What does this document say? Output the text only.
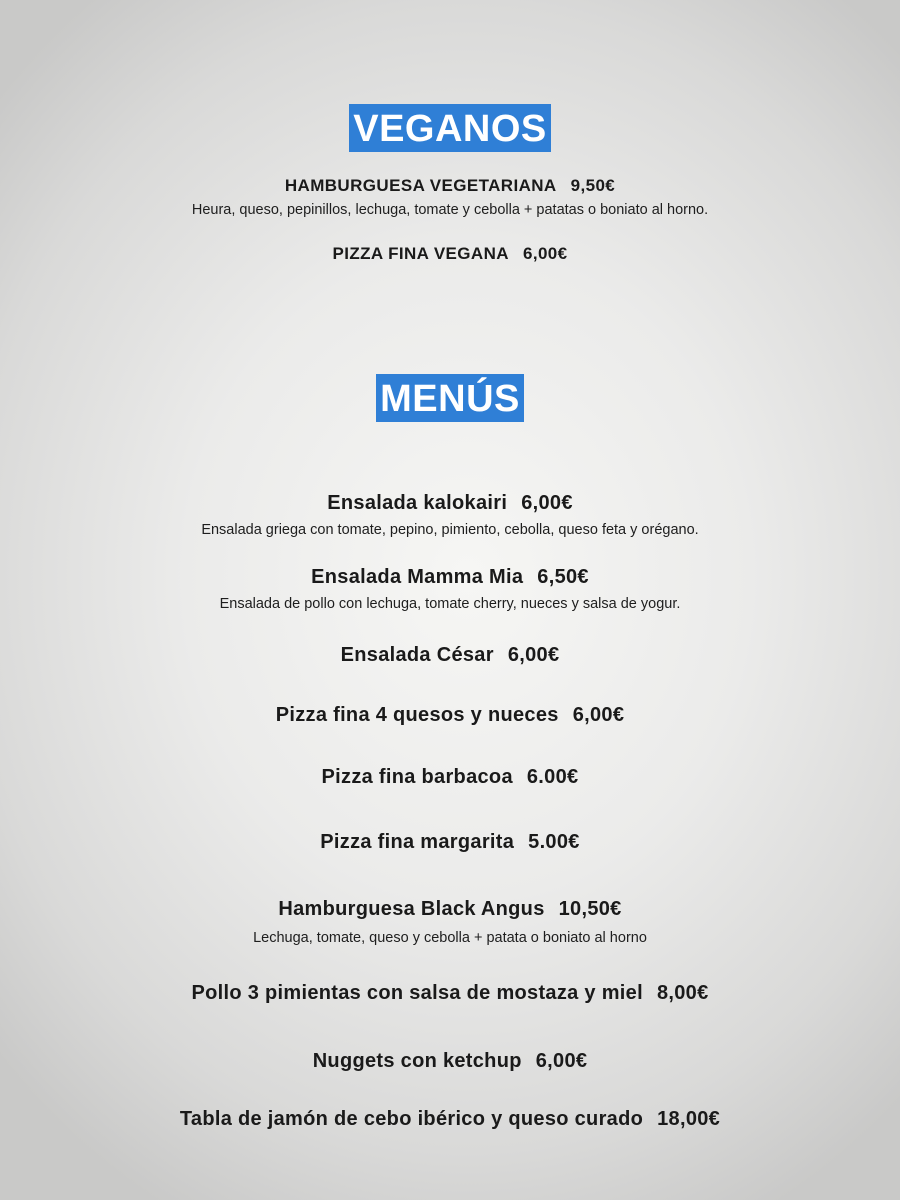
VEGANOS
HAMBURGUESA VEGETARIANA 9,50€
Heura, queso, pepinillos, lechuga, tomate y cebolla + patatas o boniato al horno.
PIZZA FINA VEGANA 6,00€
MENÚS
Ensalada kalokairi 6,00€
Ensalada griega con tomate, pepino, pimiento, cebolla, queso feta y orégano.
Ensalada Mamma Mia 6,50€
Ensalada de pollo con lechuga, tomate cherry, nueces y salsa de yogur.
Ensalada César 6,00€
Pizza fina 4 quesos y nueces 6,00€
Pizza fina barbacoa 6.00€
Pizza fina margarita 5.00€
Hamburguesa Black Angus 10,50€
Lechuga, tomate, queso y cebolla + patata o boniato al horno
Pollo 3 pimientas con salsa de mostaza y miel 8,00€
Nuggets con ketchup 6,00€
Tabla de jamón de cebo ibérico y queso curado 18,00€
